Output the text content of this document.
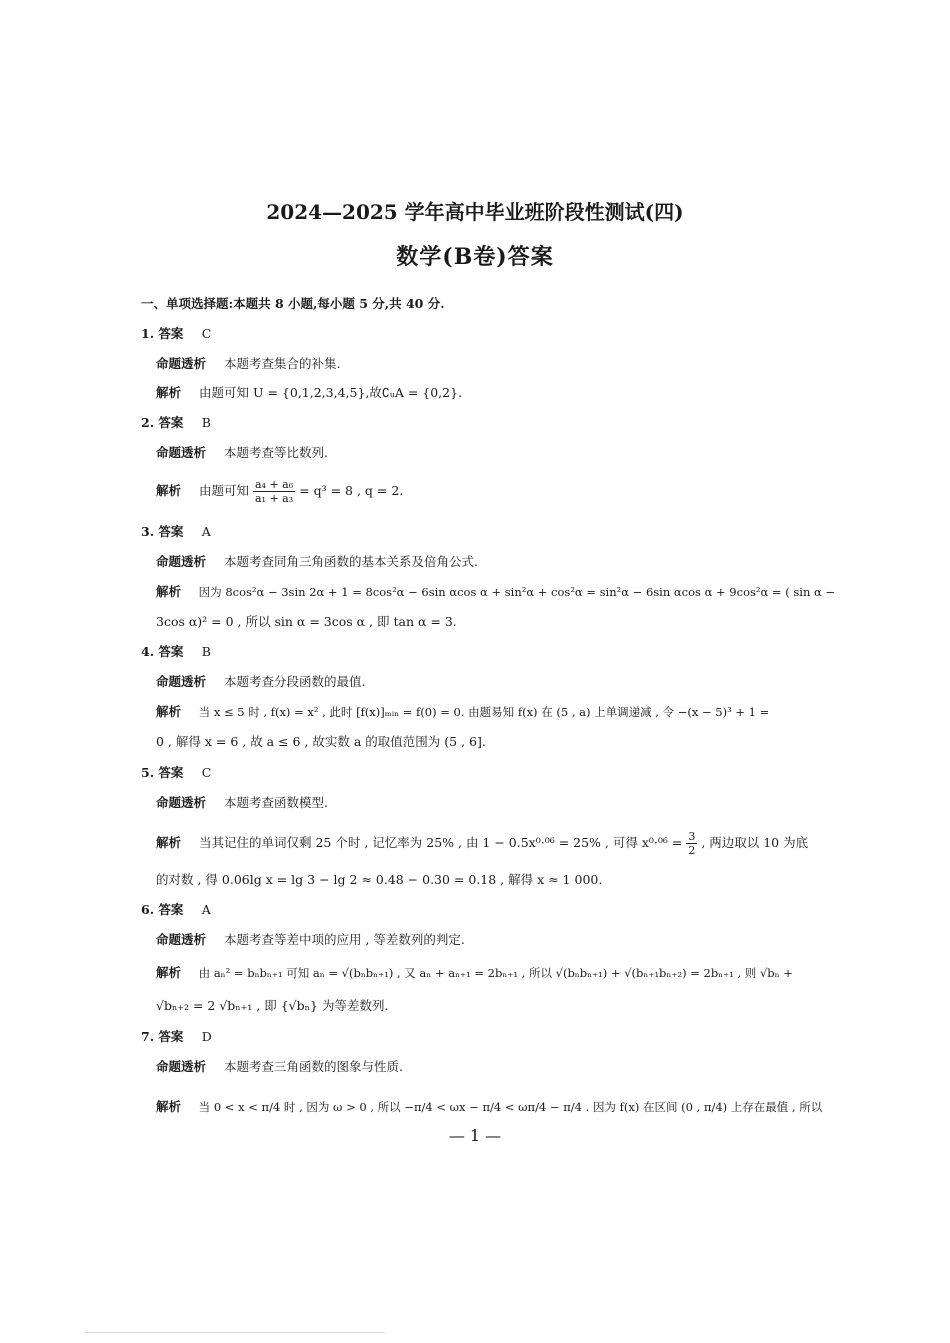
2024—2025 学年高中毕业班阶段性测试(四)
数学(B卷)答案
一、单项选择题:本题共 8 小题,每小题 5 分,共 40 分.
1. 答案 C
命题透析 本题考查集合的补集.
解析 由题可知 U = {0,1,2,3,4,5},故∁ᵤA = {0,2}.
2. 答案 B
命题透析 本题考查等比数列.
解析 由题可知 $\frac{\text{a₄ + a₆}}{\text{a₁ + a₃}} = q^3 = 8$ , q = 2.
3. 答案 A
命题透析 本题考查同角三角函数的基本关系及倍角公式.
解析 因为 8cos²α − 3sin 2α + 1 = 8cos²α − 6sin αcos α + sin²α + cos²α = sin²α − 6sin αcos α + 9cos²α = ( sin α −
3cos α)² = 0 , 所以 sin α = 3cos α , 即 tan α = 3.
4. 答案 B
命题透析 本题考查分段函数的最值.
解析 当 x ≤ 5 时 , f(x) = x² , 此时 [f(x)]ₘᵢₙ = f(0) = 0. 由题易知 f(x) 在 (5 , a) 上单调递减 , 令 −(x − 5)³ + 1 =
0 , 解得 x = 6 , 故 a ≤ 6 , 故实数 a 的取值范围为 (5 , 6].
5. 答案 C
命题透析 本题考查函数模型.
解析 当其记住的单词仅剩 25 个时 , 记忆率为 25% , 由 1 − 0.5x⁰·⁰⁶ = 25% , 可得 $x^0\cdot^{06} = \frac{3}{2}$ , 两边取以 10 为底
的对数 , 得 0.06lg x = lg 3 − lg 2 ≈ 0.48 − 0.30 = 0.18 , 解得 x ≈ 1 000.
6. 答案 A
命题透析 本题考查等差中项的应用 , 等差数列的判定.
解析 由 aₙ² = bₙbₙ₊₁ 可知 aₙ = √(bₙbₙ₊₁) , 又 aₙ + aₙ₊₁ = 2bₙ₊₁ , 所以 √(bₙbₙ₊₁) + √(bₙ₊₁bₙ₊₂) = 2bₙ₊₁ , 则 √bₙ +
√bₙ₊₂ = 2 √bₙ₊₁ , 即 {√bₙ} 为等差数列.
7. 答案 D
命题透析 本题考查三角函数的图象与性质.
解析 当 0 < x < π/4 时 , 因为 ω > 0 , 所以 −π/4 < ωx − π/4 < ωπ/4 − π/4 . 因为 f(x) 在区间 (0 , π/4) 上存在最值 , 所以
— 1 —
